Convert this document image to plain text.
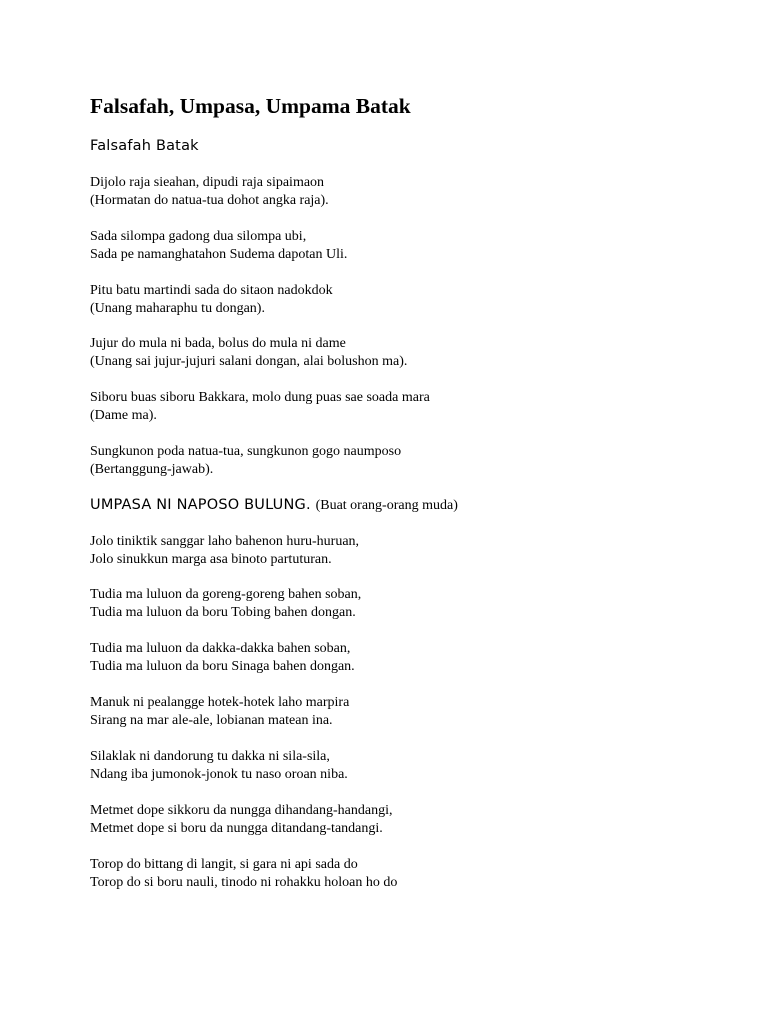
Falsafah, Umpasa, Umpama Batak
Falsafah Batak
Dijolo raja sieahan, dipudi raja sipaimaon
(Hormatan do natua-tua dohot angka raja).
Sada silompa gadong dua silompa ubi,
Sada pe namanghatahon Sudema dapotan Uli.
Pitu batu martindi sada do sitaon nadokdok
(Unang maharaphu tu dongan).
Jujur do mula ni bada, bolus do mula ni dame
(Unang sai jujur-jujuri salani dongan, alai bolushon ma).
Siboru buas siboru Bakkara, molo dung puas sae soada mara
(Dame ma).
Sungkunon poda natua-tua, sungkunon gogo naumposo
(Bertanggung-jawab).
UMPASA NI NAPOSO BULUNG. (Buat orang-orang muda)
Jolo tiniktik sanggar laho bahenon huru-huruan,
Jolo sinukkun marga asa binoto partuturan.
Tudia ma luluon da goreng-goreng bahen soban,
Tudia ma luluon da boru Tobing bahen dongan.
Tudia ma luluon da dakka-dakka bahen soban,
Tudia ma luluon da boru Sinaga bahen dongan.
Manuk ni pealangge hotek-hotek laho marpira
Sirang na mar ale-ale, lobianan matean ina.
Silaklak ni dandorung tu dakka ni sila-sila,
Ndang iba jumonok-jonok tu naso oroan niba.
Metmet dope sikkoru da nungga dihandang-handangi,
Metmet dope si boru da nungga ditandang-tandangi.
Torop do bittang di langit, si gara ni api sada do
Torop do si boru nauli, tinodo ni rohakku holoan ho do
